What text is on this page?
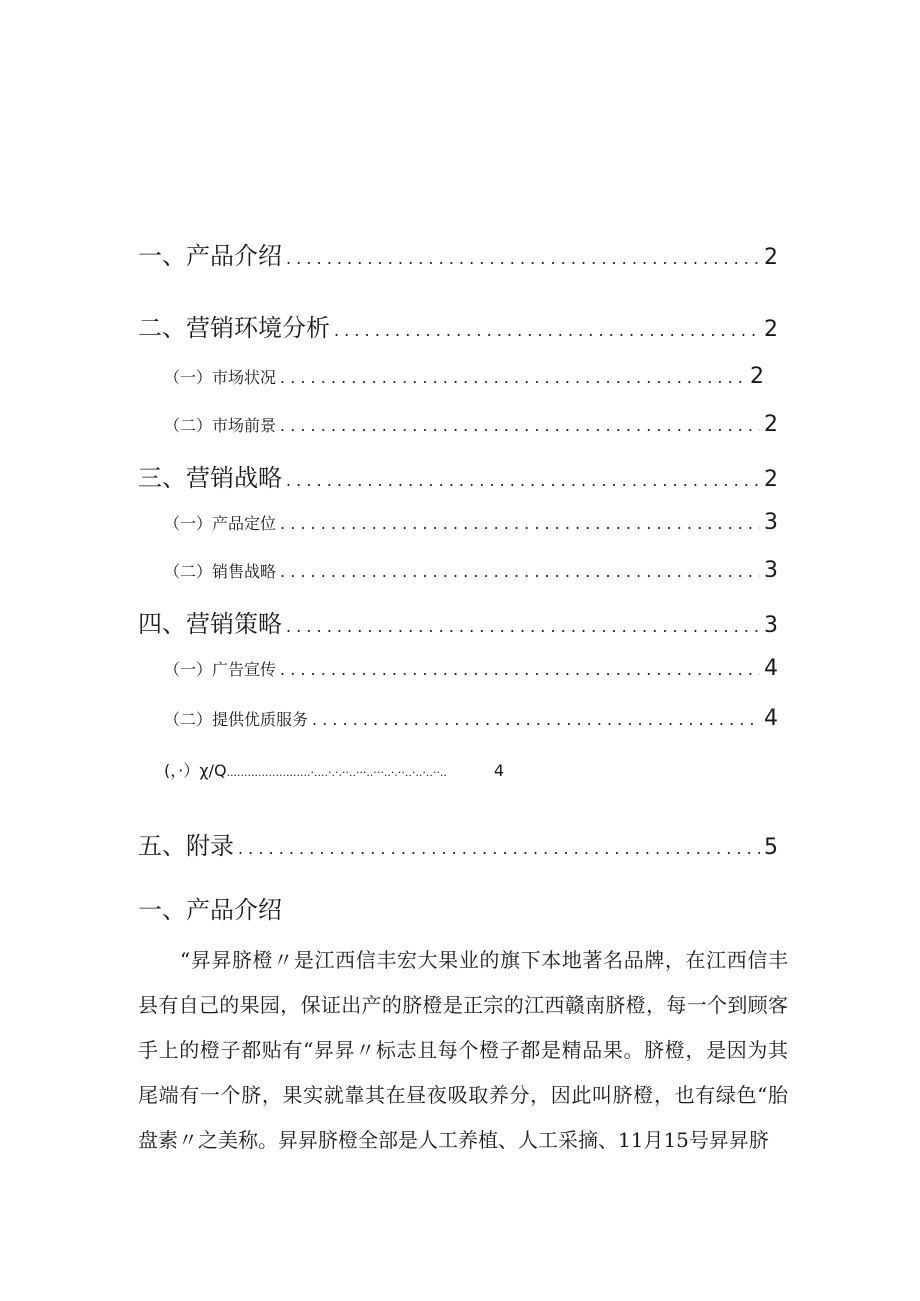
一、产品介绍 . . .	2
二、营销环境分析 . . .	2
（一）市场状况 . . .	2
（二）市场前景 . . .	2
三、营销战略 . . .	2
（一）产品定位 . . .	3
（二）销售战略 . . .	3
四、营销策略 . . .	3
（一）广告宣传 . . .	4
（二）提供优质服务 . . .	4
(，·）χ∕Q ........................·....·.·.··..···..···..·.··..·..·..··..	4
五、附录 . . .	5
一、产品介绍

“昇昇脐橙〃是江西信丰宏大果业的旗下本地著名品牌，在江西信丰县有自己的果园，保证出产的脐橙是正宗的江西赣南脐橙，每一个到顾客手上的橙子都贴有“昇昇〃标志且每个橙子都是精品果。脐橙，是因为其尾端有一个脐，果实就靠其在昼夜吸取养分，因此叫脐橙，也有绿色“胎盘素〃之美称。昇昇脐橙全部是人工养植、人工采摘、11月15号昇昇脐
